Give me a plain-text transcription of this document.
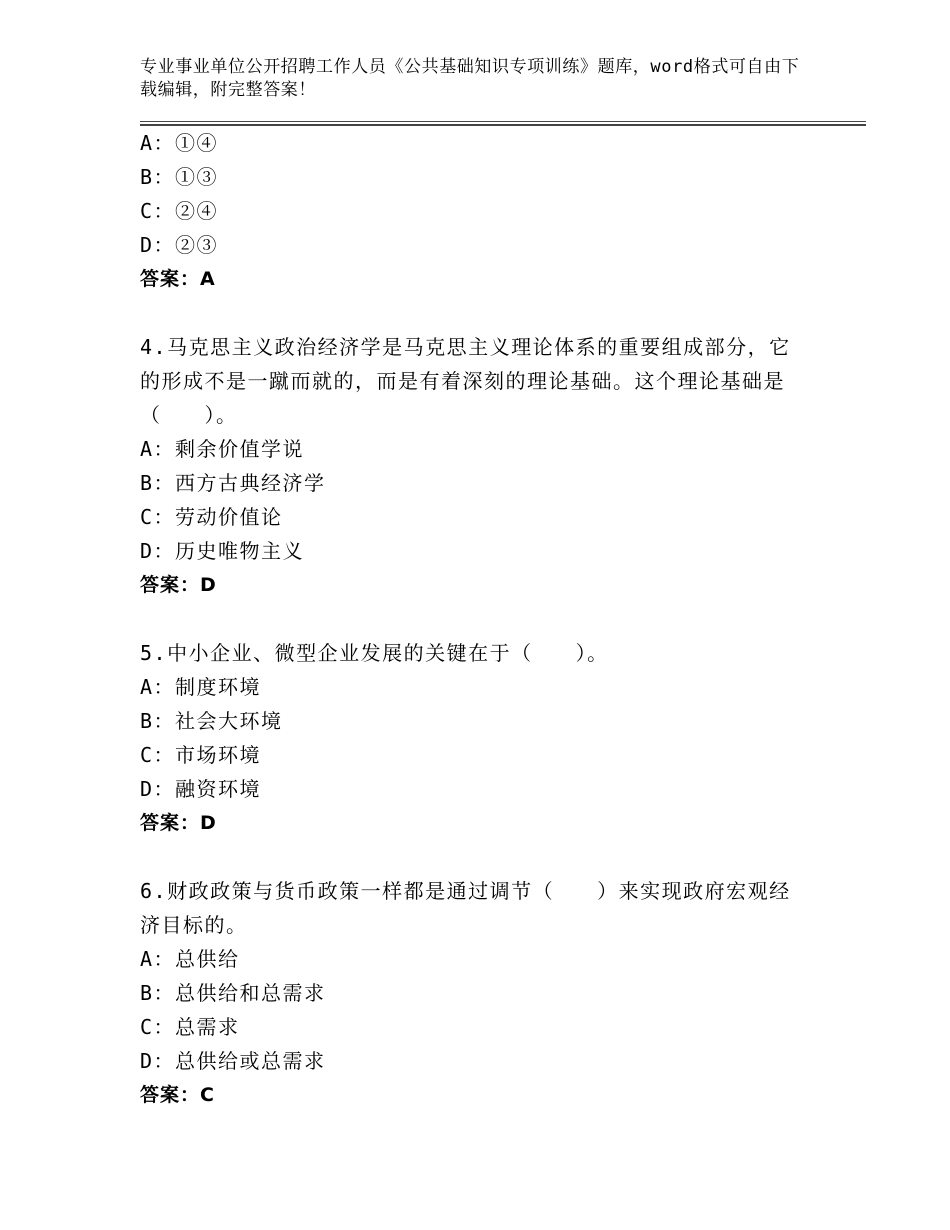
专业事业单位公开招聘工作人员《公共基础知识专项训练》题库，word格式可自由下载编辑，附完整答案！
A：①④
B：①③
C：②④
D：②③
答案：A
4.马克思主义政治经济学是马克思主义理论体系的重要组成部分，它
的形成不是一蹴而就的，而是有着深刻的理论基础。这个理论基础是
（　　）。
A：剩余价值学说
B：西方古典经济学
C：劳动价值论
D：历史唯物主义
答案：D
5.中小企业、微型企业发展的关键在于（　　）。
A：制度环境
B：社会大环境
C：市场环境
D：融资环境
答案：D
6.财政政策与货币政策一样都是通过调节（　　）来实现政府宏观经
济目标的。
A：总供给
B：总供给和总需求
C：总需求
D：总供给或总需求
答案：C
